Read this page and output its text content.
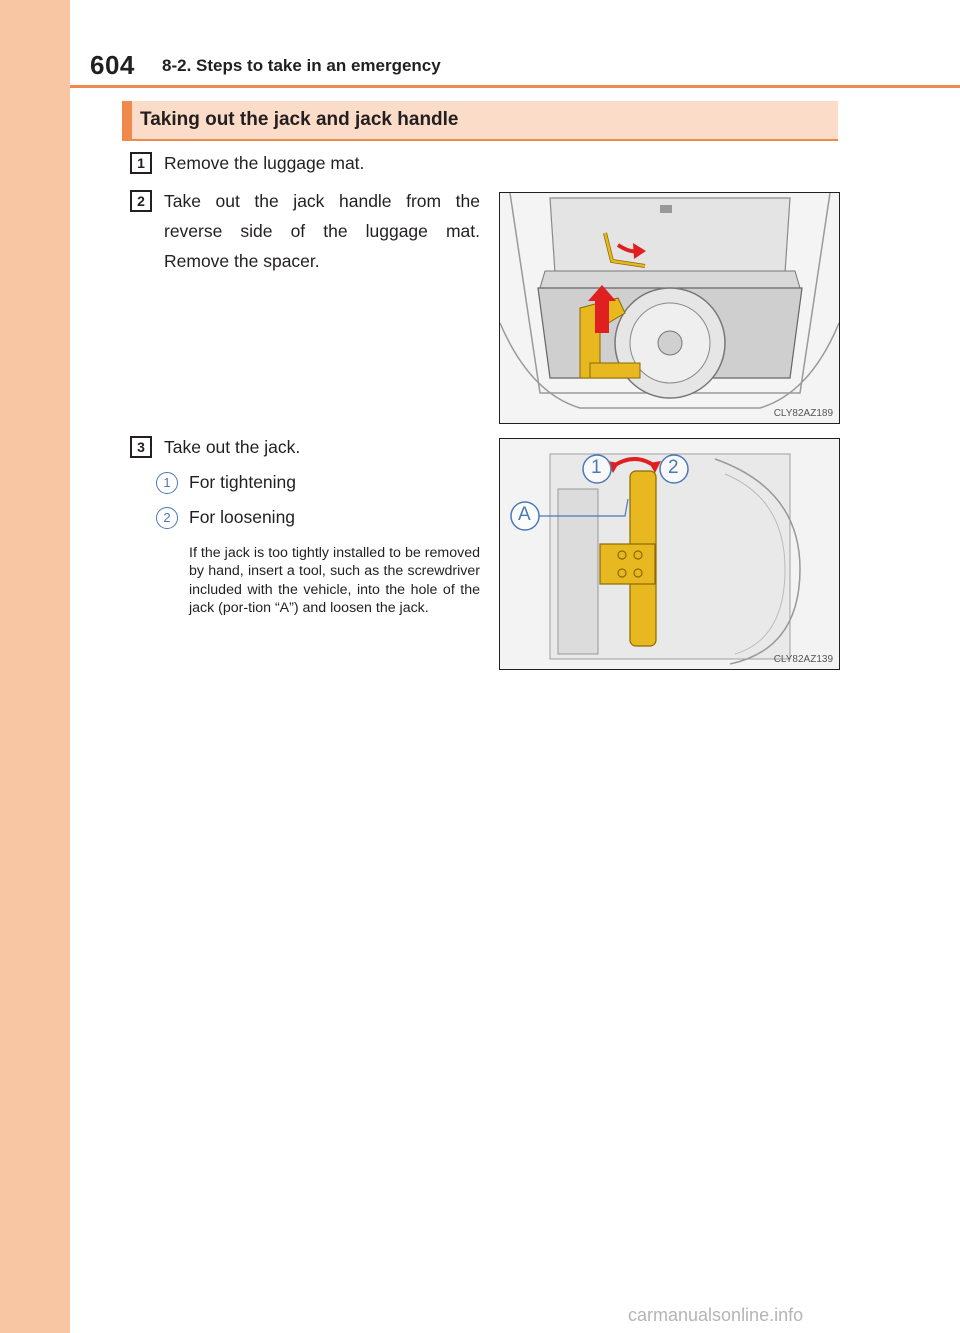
604 8-2. Steps to take in an emergency
Taking out the jack and jack handle
1	Remove the luggage mat.
2	Take out the jack handle from the reverse side of the luggage mat. Remove the spacer.
CLY82AZ189
3	Take out the jack.
1	For tightening
2	For loosening
If the jack is too tightly installed to be removed by hand, insert a tool, such as the screwdriver included with the vehicle, into the hole of the jack (por-tion “A”) and loosen the jack.
1	2
A
CLY82AZ139
carmanualsonline.info
